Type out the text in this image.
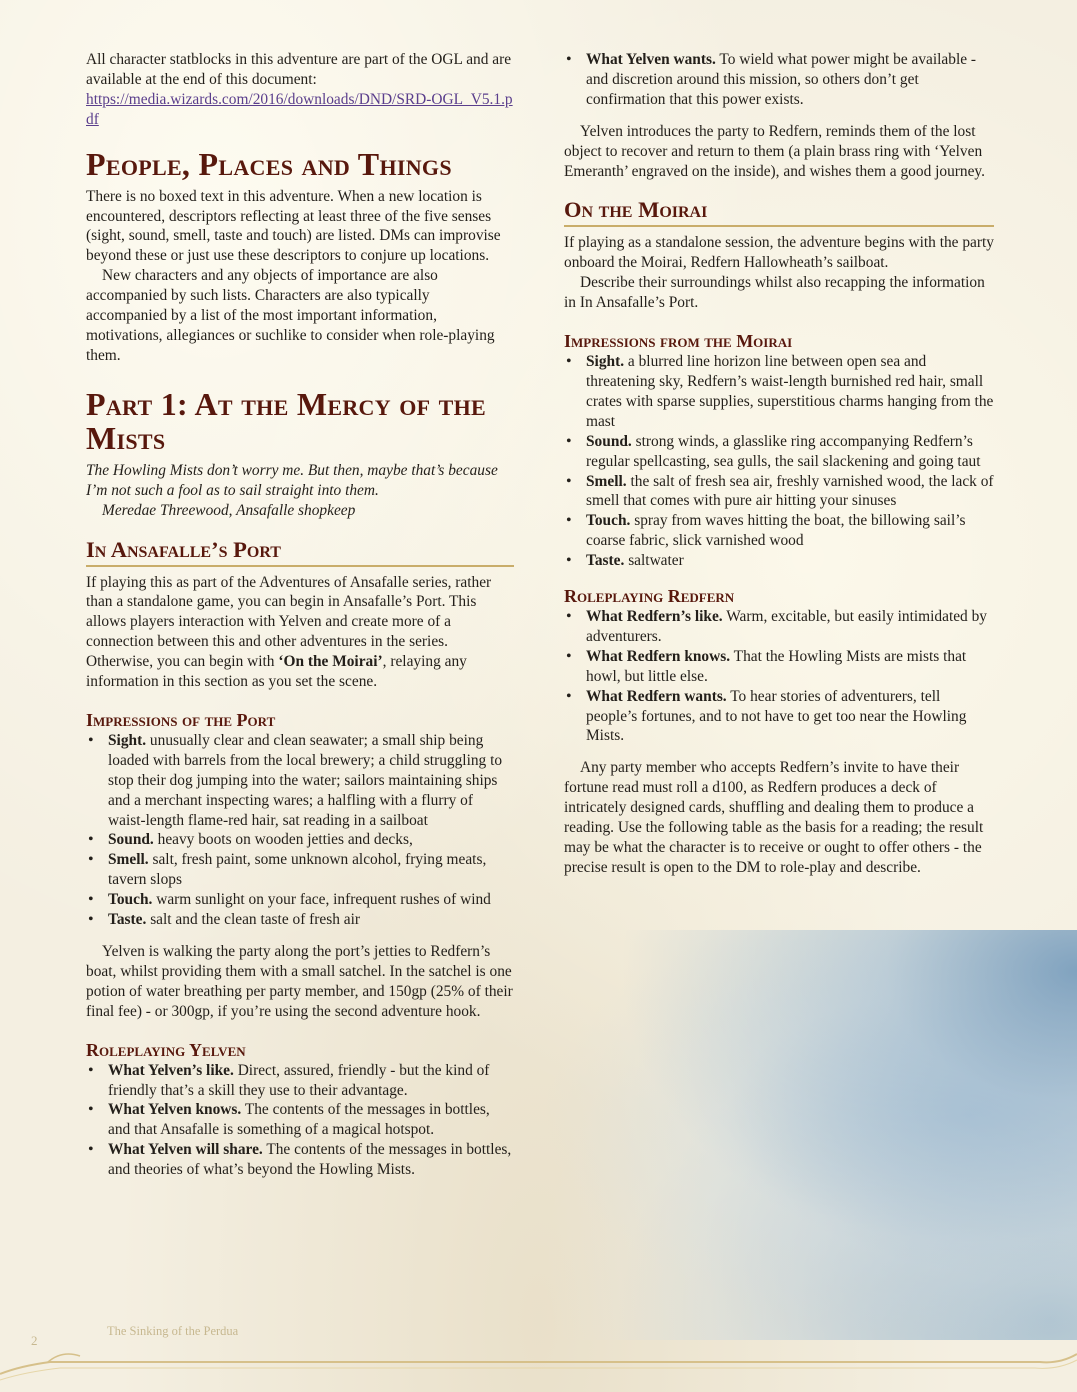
All character statblocks in this adventure are part of the OGL and are available at the end of this document:
https://media.wizards.com/2016/downloads/DND/SRD-OGL_V5.1.pdf

People, Places and Things

There is no boxed text in this adventure. When a new location is encountered, descriptors reflecting at least three of the five senses (sight, sound, smell, taste and touch) are listed. DMs can improvise beyond these or just use these descriptors to conjure up locations.

New characters and any objects of importance are also accompanied by such lists. Characters are also typically accompanied by a list of the most important information, motivations, allegiances or suchlike to consider when role-playing them.

Part 1: At the Mercy of the Mists

The Howling Mists don’t worry me. But then, maybe that’s because I’m not such a fool as to sail straight into them.

Meredae Threewood, Ansafalle shopkeep

In Ansafalle’s Port

If playing this as part of the Adventures of Ansafalle series, rather than a standalone game, you can begin in Ansafalle’s Port. This allows players interaction with Yelven and create more of a connection between this and other adventures in the series. Otherwise, you can begin with ‘On the Moirai’, relaying any information in this section as you set the scene.

Impressions of the Port
• Sight. unusually clear and clean seawater; a small ship being loaded with barrels from the local brewery; a child struggling to stop their dog jumping into the water; sailors maintaining ships and a merchant inspecting wares; a halfling with a flurry of waist-length flame-red hair, sat reading in a sailboat
• Sound. heavy boots on wooden jetties and decks,
• Smell. salt, fresh paint, some unknown alcohol, frying meats, tavern slops
• Touch. warm sunlight on your face, infrequent rushes of wind
• Taste. salt and the clean taste of fresh air

Yelven is walking the party along the port’s jetties to Redfern’s boat, whilst providing them with a small satchel. In the satchel is one potion of water breathing per party member, and 150gp (25% of their final fee) - or 300gp, if you’re using the second adventure hook.

Roleplaying Yelven
• What Yelven’s like. Direct, assured, friendly - but the kind of friendly that’s a skill they use to their advantage.
• What Yelven knows. The contents of the messages in bottles, and that Ansafalle is something of a magical hotspot.
• What Yelven will share. The contents of the messages in bottles, and theories of what’s beyond the Howling Mists.
• What Yelven wants. To wield what power might be available - and discretion around this mission, so others don’t get confirmation that this power exists.

Yelven introduces the party to Redfern, reminds them of the lost object to recover and return to them (a plain brass ring with ‘Yelven Emeranth’ engraved on the inside), and wishes them a good journey.

On the Moirai

If playing as a standalone session, the adventure begins with the party onboard the Moirai, Redfern Hallowheath’s sailboat.

Describe their surroundings whilst also recapping the information in In Ansafalle’s Port.

Impressions from the Moirai
• Sight. a blurred line horizon line between open sea and threatening sky, Redfern’s waist-length burnished red hair, small crates with sparse supplies, superstitious charms hanging from the mast
• Sound. strong winds, a glasslike ring accompanying Redfern’s regular spellcasting, sea gulls, the sail slackening and going taut
• Smell. the salt of fresh sea air, freshly varnished wood, the lack of smell that comes with pure air hitting your sinuses
• Touch. spray from waves hitting the boat, the billowing sail’s coarse fabric, slick varnished wood
• Taste. saltwater
Roleplaying Redfern
• What Redfern’s like. Warm, excitable, but easily intimidated by adventurers.
• What Redfern knows. That the Howling Mists are mists that howl, but little else.
• What Redfern wants. To hear stories of adventurers, tell people’s fortunes, and to not have to get too near the Howling Mists.

Any party member who accepts Redfern’s invite to have their fortune read must roll a d100, as Redfern produces a deck of intricately designed cards, shuffling and dealing them to produce a reading. Use the following table as the basis for a reading; the result may be what the character is to receive or ought to offer others - the precise result is open to the DM to role-play and describe.

The Sinking of the Perdua
2
